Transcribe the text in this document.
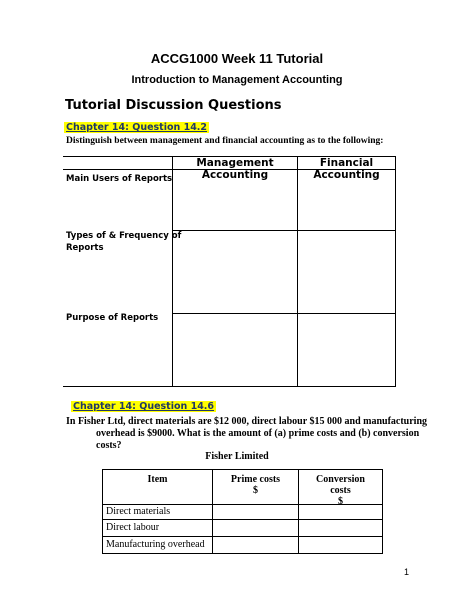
ACCG1000 Week 11 Tutorial
Introduction to Management Accounting
Tutorial Discussion Questions
Chapter 14: Question 14.2
Distinguish between management and financial accounting as to the following:
Management Accounting
Financial Accounting
Main Users of Reports
Types of & Frequency of
Reports
Purpose of Reports
Chapter 14: Question 14.6
In Fisher Ltd, direct materials are $12 000, direct labour $15 000 and manufacturing
overhead is $9000. What is the amount of (a) prime costs and (b) conversion
costs?
Fisher Limited
Item	Prime costs
$
Conversion
costs
$
Direct materials
Direct labour
Manufacturing overhead
1
